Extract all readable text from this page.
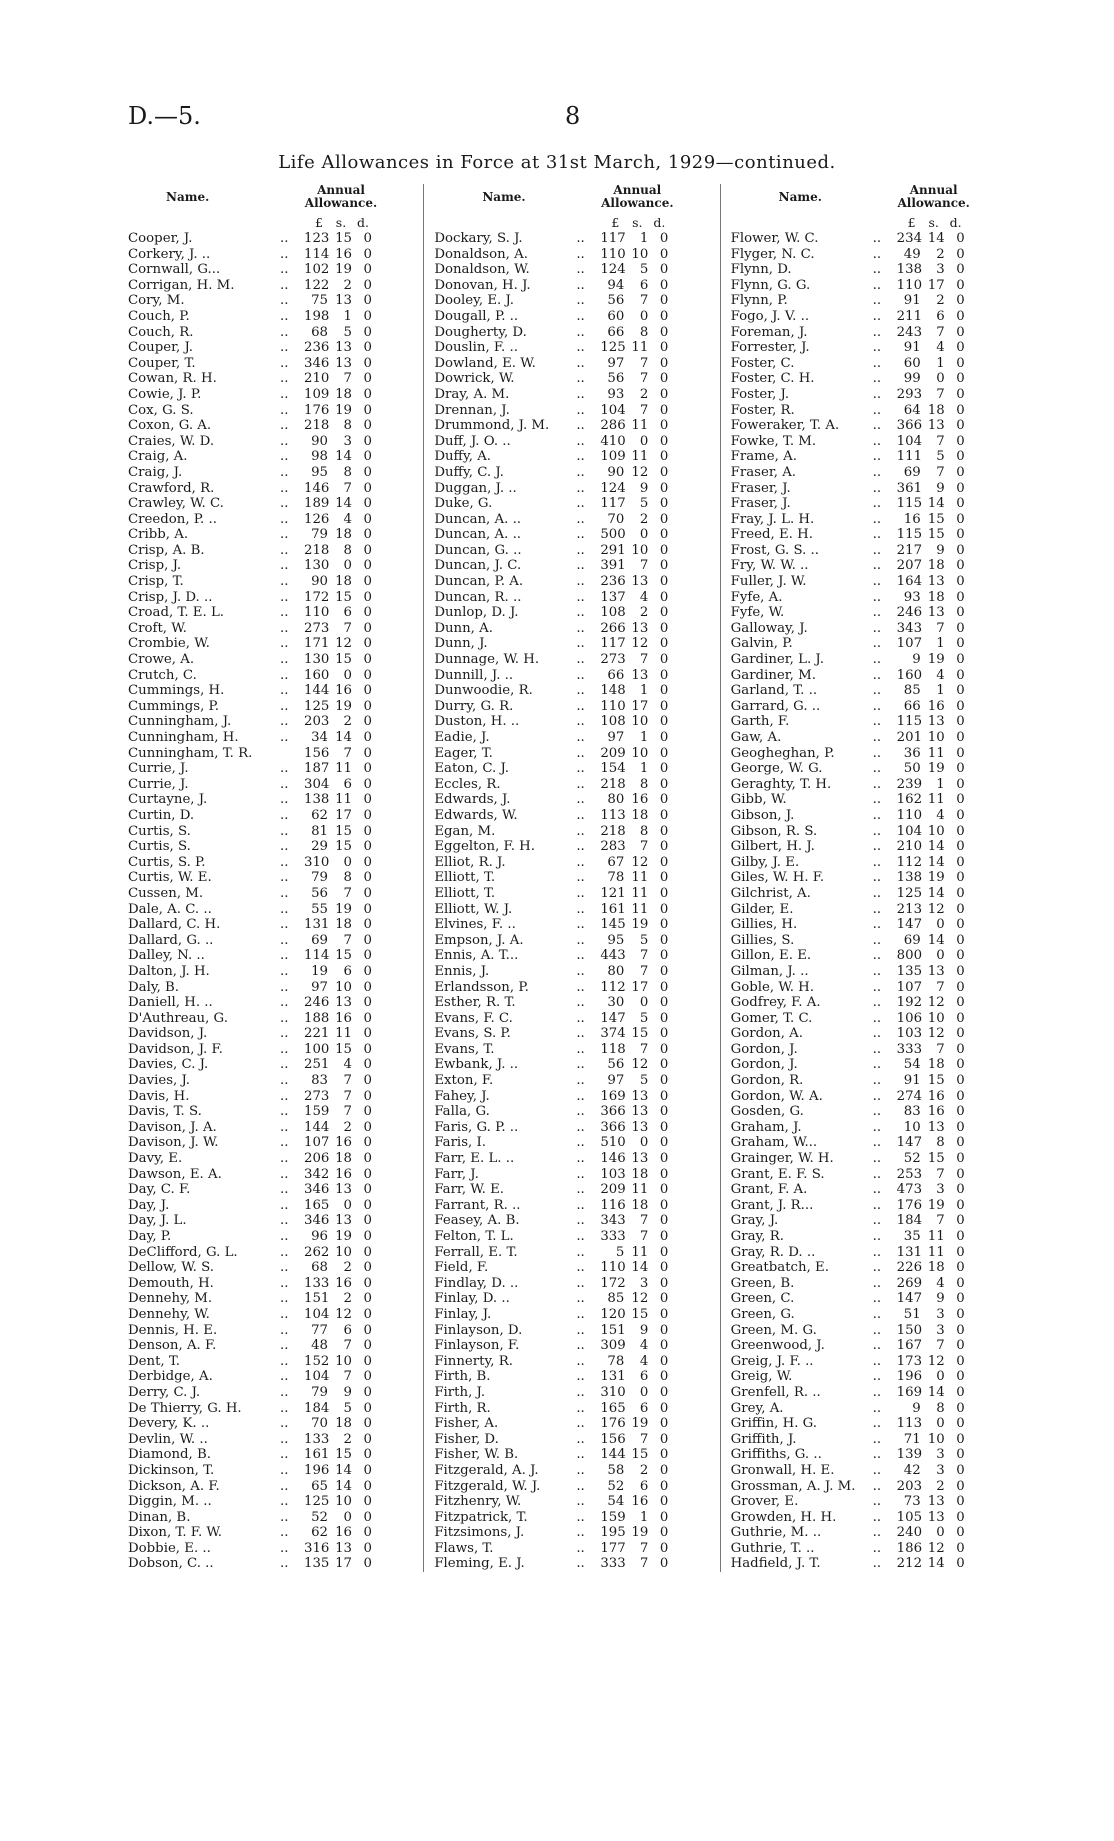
D.—5.	8
Life Allowances in Force at 31st March, 1929—continued.
Name.	Annual
Allowance.
£ s. d.
Cooper, J.	.. 123 15 0
Corkery, J. ..	.. 114 16 0
Cornwall, G...	.. 102 19 0
Corrigan, H. M.	.. 122	2 0
Cory, M.	..	75 13 0
Couch, P.	.. 198	1 0
Couch, R.	..	68	5 0
Couper, J.	.. 236 13 0
Couper, T.	.. 346 13 0
Cowan, R. H.	.. 210	7 0
Cowie, J. P.	.. 109 18 0
Cox, G. S.	.. 176 19 0
Coxon, G. A.	.. 218	8 0
Craies, W. D.	..	90	3 0
Craig, A.	..	98 14 0
Craig, J.	..	95	8 0
Crawford, R.	.. 146	7 0
Crawley, W. C.	.. 189 14 0
Creedon, P. ..	.. 126	4 0
Cribb, A.	..	79 18 0
Crisp, A. B.	.. 218	8 0
Crisp, J.	.. 130	0 0
Crisp, T.	..	90 18 0
Crisp, J. D. ..	.. 172 15 0
Croad, T. E. L.	.. 110	6 0
Croft, W.	.. 273	7 0
Crombie, W.	.. 171 12 0
Crowe, A.	.. 130 15 0
Crutch, C.	.. 160	0 0
Cummings, H.	.. 144 16 0
Cummings, P.	.. 125 19 0
Cunningham, J.	.. 203	2 0
Cunningham, H.	..	34 14 0
Cunningham, T. R.	156	7 0
Currie, J.	.. 187 11 0
Currie, J.	.. 304	6 0
Curtayne, J.	.. 138 11 0
Curtin, D.	..	62 17 0
Curtis, S.	..	81 15 0
Curtis, S.	..	29 15 0
Curtis, S. P.	.. 310	0 0
Curtis, W. E.	..	79	8 0
Cussen, M.	..	56	7 0
Dale, A. C. ..	..	55 19 0
Dallard, C. H.	.. 131 18 0
Dallard, G. ..	..	69	7 0
Dalley, N. ..	.. 114 15 0
Dalton, J. H.	..	19	6 0
Daly, B.	..	97 10 0
Daniell, H. ..	.. 246 13 0
D'Authreau, G.	.. 188 16 0
Davidson, J.	.. 221 11 0
Davidson, J. F.	.. 100 15 0
Davies, C. J.	.. 251	4 0
Davies, J.	..	83	7 0
Davis, H.	.. 273	7 0
Davis, T. S.	.. 159	7 0
Davison, J. A.	.. 144	2 0
Davison, J. W.	.. 107 16 0
Davy, E.	.. 206 18 0
Dawson, E. A.	.. 342 16 0
Day, C. F.	.. 346 13 0
Day, J.	.. 165	0 0
Day, J. L.	.. 346 13 0
Day, P.	..	96 19 0
DeClifford, G. L.	.. 262 10 0
Dellow, W. S.	..	68	2 0
Demouth, H.	.. 133 16 0
Dennehy, M.	.. 151	2 0
Dennehy, W.	.. 104 12 0
Dennis, H. E.	..	77	6 0
Denson, A. F.	..	48	7 0
Dent, T.	.. 152 10 0
Derbidge, A.	.. 104	7 0
Derry, C. J.	..	79	9 0
De Thierry, G. H.	.. 184	5 0
Devery, K. ..	..	70 18 0
Devlin, W. ..	.. 133	2 0
Diamond, B.	.. 161 15 0
Dickinson, T.	.. 196 14 0
Dickson, A. F.	..	65 14 0
Diggin, M. ..	.. 125 10 0
Dinan, B.	..	52	0 0
Dixon, T. F. W.	..	62 16 0
Dobbie, E. ..	.. 316 13 0
Dobson, C. ..	.. 135 17 0
Name.	Annual
Allowance.
£ s. d.
Dockary, S. J.	.. 117	1 0
Donaldson, A.	.. 110 10 0
Donaldson, W.	.. 124	5 0
Donovan, H. J.	..	94	6 0
Dooley, E. J.	..	56	7 0
Dougall, P. ..	..	60	0 0
Dougherty, D.	..	66	8 0
Douslin, F. ..	.. 125 11 0
Dowland, E. W.	..	97	7 0
Dowrick, W.	..	56	7 0
Dray, A. M.	..	93	2 0
Drennan, J.	.. 104	7 0
Drummond, J. M. .. 286 11 0
Duff, J. O. ..	.. 410	0 0
Duffy, A.	.. 109 11 0
Duffy, C. J.	..	90 12 0
Duggan, J. ..	.. 124	9 0
Duke, G.	.. 117	5 0
Duncan, A. ..	..	70	2 0
Duncan, A. ..	.. 500	0 0
Duncan, G. ..	.. 291 10 0
Duncan, J. C.	.. 391	7 0
Duncan, P. A.	.. 236 13 0
Duncan, R. ..	.. 137	4 0
Dunlop, D. J.	.. 108	2 0
Dunn, A.	.. 266 13 0
Dunn, J.	.. 117 12 0
Dunnage, W. H.	.. 273	7 0
Dunnill, J. ..	..	66 13 0
Dunwoodie, R.	.. 148	1 0
Durry, G. R.	.. 110 17 0
Duston, H. ..	.. 108 10 0
Eadie, J.	..	97	1 0
Eager, T.	.. 209 10 0
Eaton, C. J.	.. 154	1 0
Eccles, R.	.. 218	8 0
Edwards, J.	..	80 16 0
Edwards, W.	.. 113 18 0
Egan, M.	.. 218	8 0
Eggelton, F. H.	.. 283	7 0
Elliot, R. J.	..	67 12 0
Elliott, T.	..	78 11 0
Elliott, T.	.. 121 11 0
Elliott, W. J.	.. 161 11 0
Elvines, F. ..	.. 145 19 0
Empson, J. A.	..	95	5 0
Ennis, A. T...	.. 443	7 0
Ennis, J.	..	80	7 0
Erlandsson, P.	.. 112 17 0
Esther, R. T.	..	30	0 0
Evans, F. C.	.. 147	5 0
Evans, S. P.	.. 374 15 0
Evans, T.	.. 118	7 0
Ewbank, J. ..	..	56 12 0
Exton, F.	..	97	5 0
Fahey, J.	.. 169 13 0
Falla, G.	.. 366 13 0
Faris, G. P. ..	.. 366 13 0
Faris, I.	.. 510	0 0
Farr, E. L. ..	.. 146 13 0
Farr, J.	.. 103 18 0
Farr, W. E.	.. 209 11 0
Farrant, R. ..	.. 116 18 0
Feasey, A. B.	.. 343	7 0
Felton, T. L.	.. 333	7 0
Ferrall, E. T.	..	5 11 0
Field, F.	.. 110 14 0
Findlay, D. ..	.. 172	3 0
Finlay, D. ..	..	85 12 0
Finlay, J.	.. 120 15 0
Finlayson, D.	.. 151	9 0
Finlayson, F.	.. 309	4 0
Finnerty, R.	..	78	4 0
Firth, B.	.. 131	6 0
Firth, J.	.. 310	0 0
Firth, R.	.. 165	6 0
Fisher, A.	.. 176 19 0
Fisher, D.	.. 156	7 0
Fisher, W. B.	.. 144 15 0
Fitzgerald, A. J.	..	58	2 0
Fitzgerald, W. J.	..	52	6 0
Fitzhenry, W.	..	54 16 0
Fitzpatrick, T.	.. 159	1 0
Fitzsimons, J.	.. 195 19 0
Flaws, T.	.. 177	7 0
Fleming, E. J.	.. 333	7 0
Name.	Annual
Allowance.
£ s. d.
Flower, W. C.	.. 234 14 0
Flyger, N. C.	..	49	2 0
Flynn, D.	.. 138	3 0
Flynn, G. G.	.. 110 17 0
Flynn, P.	..	91	2 0
Fogo, J. V. ..	.. 211	6 0
Foreman, J.	.. 243	7 0
Forrester, J.	..	91	4 0
Foster, C.	..	60	1 0
Foster, C. H.	..	99	0 0
Foster, J.	.. 293	7 0
Foster, R.	..	64 18 0
Foweraker, T. A.	.. 366 13 0
Fowke, T. M.	.. 104	7 0
Frame, A.	.. 111	5 0
Fraser, A.	..	69	7 0
Fraser, J.	.. 361	9 0
Fraser, J.	.. 115 14 0
Fray, J. L. H.	..	16 15 0
Freed, E. H.	.. 115 15 0
Frost, G. S. ..	.. 217	9 0
Fry, W. W. ..	.. 207 18 0
Fuller, J. W.	.. 164 13 0
Fyfe, A.	..	93 18 0
Fyfe, W.	.. 246 13 0
Galloway, J.	.. 343	7 0
Galvin, P.	.. 107	1 0
Gardiner, L. J.	..	9 19 0
Gardiner, M.	.. 160	4 0
Garland, T. ..	..	85	1 0
Garrard, G. ..	..	66 16 0
Garth, F.	.. 115 13 0
Gaw, A.	.. 201 10 0
Geogheghan, P.	..	36 11 0
George, W. G.	..	50 19 0
Geraghty, T. H.	.. 239	1 0
Gibb, W.	.. 162 11 0
Gibson, J.	.. 110	4 0
Gibson, R. S.	.. 104 10 0
Gilbert, H. J.	.. 210 14 0
Gilby, J. E.	.. 112 14 0
Giles, W. H. F.	.. 138 19 0
Gilchrist, A.	.. 125 14 0
Gilder, E.	.. 213 12 0
Gillies, H.	.. 147	0 0
Gillies, S.	..	69 14 0
Gillon, E. E.	.. 800	0 0
Gilman, J. ..	.. 135 13 0
Goble, W. H.	.. 107	7 0
Godfrey, F. A.	.. 192 12 0
Gomer, T. C.	.. 106 10 0
Gordon, A.	.. 103 12 0
Gordon, J.	.. 333	7 0
Gordon, J.	..	54 18 0
Gordon, R.	..	91 15 0
Gordon, W. A.	.. 274 16 0
Gosden, G.	..	83 16 0
Graham, J.	..	10 13 0
Graham, W...	.. 147	8 0
Grainger, W. H.	..	52 15 0
Grant, E. F. S.	.. 253	7 0
Grant, F. A.	.. 473	3 0
Grant, J. R...	.. 176 19 0
Gray, J.	.. 184	7 0
Gray, R.	..	35 11 0
Gray, R. D. ..	.. 131 11 0
Greatbatch, E.	.. 226 18 0
Green, B.	.. 269	4 0
Green, C.	.. 147	9 0
Green, G.	..	51	3 0
Green, M. G.	.. 150	3 0
Greenwood, J.	.. 167	7 0
Greig, J. F. ..	.. 173 12 0
Greig, W.	.. 196	0 0
Grenfell, R. ..	.. 169 14 0
Grey, A.	..	9	8 0
Griffin, H. G.	.. 113	0 0
Griffith, J.	..	71 10 0
Griffiths, G. ..	.. 139	3 0
Gronwall, H. E.	..	42	3 0
Grossman, A. J. M. .. 203	2 0
Grover, E.	..	73 13 0
Growden, H. H.	.. 105 13 0
Guthrie, M. ..	.. 240	0 0
Guthrie, T. ..	.. 186 12 0
Hadfield, J. T.	.. 212 14 0
